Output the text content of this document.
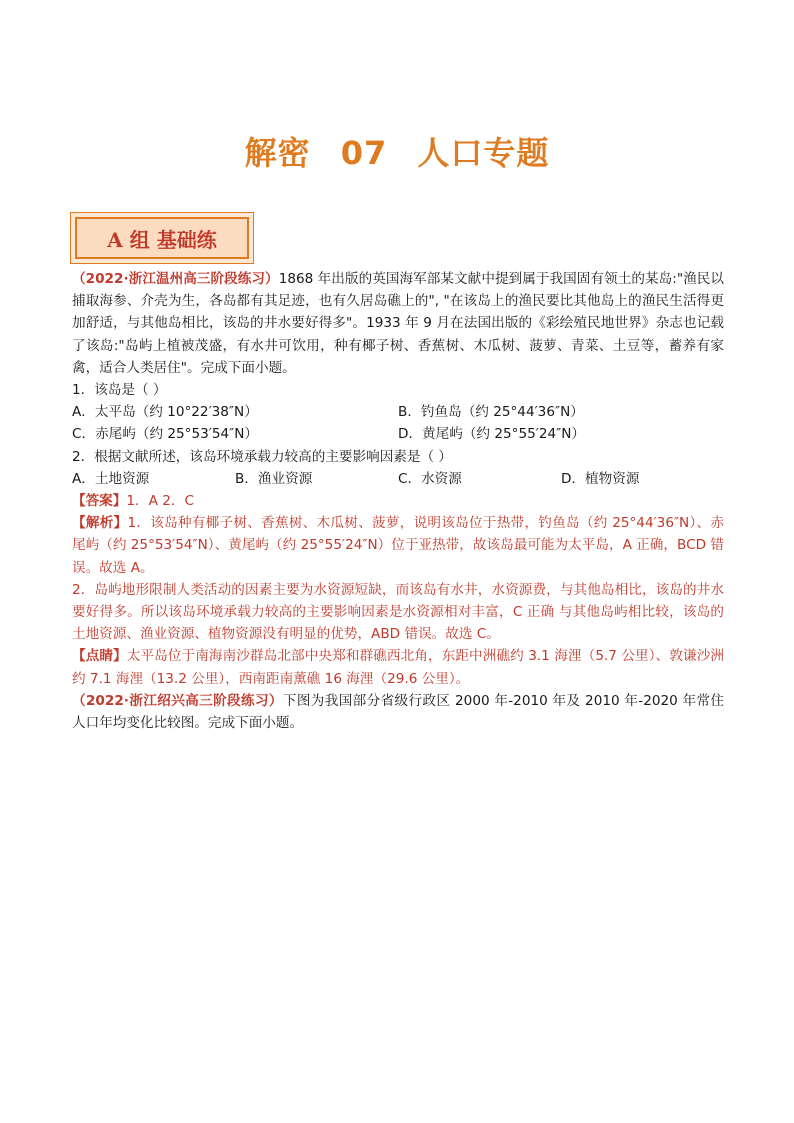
解密 07 人口专题
A 组 基础练

（2022·浙江温州高三阶段练习）1868 年出版的英国海军部某文献中提到属于我国固有领土的某岛:"渔民以捕取海参、介壳为生，各岛都有其足迹，也有久居岛礁上的", "在该岛上的渔民要比其他岛上的渔民生活得更加舒适，与其他岛相比，该岛的井水要好得多"。1933 年 9 月在法国出版的《彩绘殖民地世界》杂志也记载了该岛:"岛屿上植被茂盛，有水井可饮用，种有椰子树、香蕉树、木瓜树、菠萝、青菜、土豆等，蓄养有家禽，适合人类居住"。完成下面小题。

1．该岛是（ ）

A．太平岛（约 10°22′38″N）	B．钓鱼岛（约 25°44′36″N）
C．赤尾屿（约 25°53′54″N）	D．黄尾屿（约 25°55′24″N）

2．根据文献所述，该岛环境承载力较高的主要影响因素是（ ）

A．土地资源	B．渔业资源	C．水资源	D．植物资源

【答案】1．A 2．C

【解析】1．该岛种有椰子树、香蕉树、木瓜树、菠萝，说明该岛位于热带，钓鱼岛（约 25°44′36″N）、赤尾屿（约 25°53′54″N）、黄尾屿（约 25°55′24″N）位于亚热带，故该岛最可能为太平岛，A 正确，BCD 错误。故选 A。

2．岛屿地形限制人类活动的因素主要为水资源短缺，而该岛有水井，水资源费，与其他岛相比，该岛的井水要好得多。所以该岛环境承载力较高的主要影响因素是水资源相对丰富，C 正确 与其他岛屿相比较，该岛的土地资源、渔业资源、植物资源没有明显的优势，ABD 错误。故选 C。

【点睛】太平岛位于南海南沙群岛北部中央郑和群礁西北角，东距中洲礁约 3.1 海浬（5.7 公里）、敦谦沙洲约 7.1 海浬（13.2 公里），西南距南薰礁 16 海浬（29.6 公里）。

（2022·浙江绍兴高三阶段练习）下图为我国部分省级行政区 2000 年-2010 年及 2010 年-2020 年常住人口年均变化比较图。完成下面小题。
